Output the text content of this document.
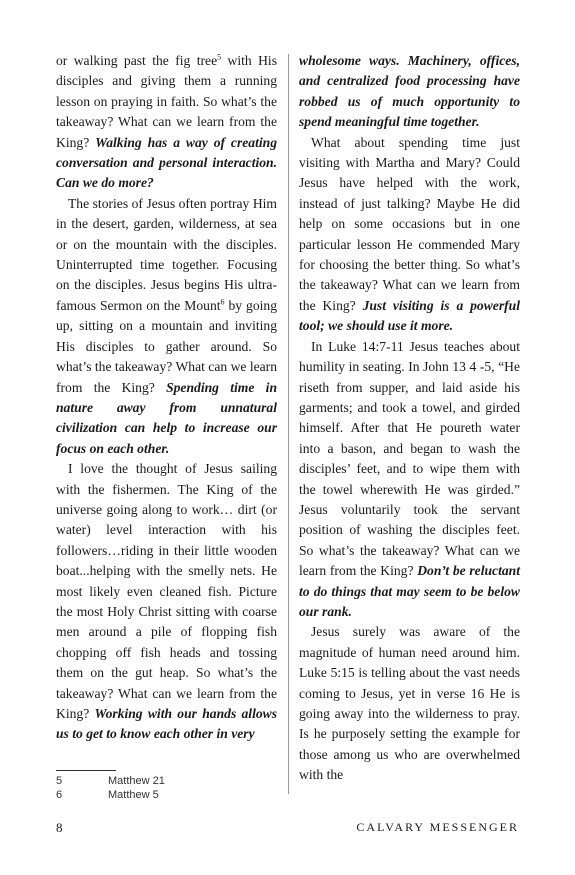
or walking past the fig tree$^5$ with His disciples and giving them a running lesson on praying in faith. So what’s the takeaway? What can we learn from the King? Walking has a way of creating conversation and personal interaction. Can we do more?

The stories of Jesus often portray Him in the desert, garden, wilderness, at sea or on the mountain with the disciples. Uninterrupted time together. Focusing on the disciples. Jesus begins His ultra-famous Sermon on the Mount$^6$ by going up, sitting on a mountain and inviting His disciples to gather around. So what’s the takeaway? What can we learn from the King? Spending time in nature away from unnatural civilization can help to increase our focus on each other.

I love the thought of Jesus sailing with the fishermen. The King of the universe going along to work… dirt (or water) level interaction with his followers…riding in their little wooden boat...helping with the smelly nets. He most likely even cleaned fish. Picture the most Holy Christ sitting with coarse men around a pile of flopping fish chopping off fish heads and tossing them on the gut heap. So what’s the takeaway? What can we learn from the King? Working with our hands allows us to get to know each other in very

wholesome ways. Machinery, offices, and centralized food processing have robbed us of much opportunity to spend meaningful time together.

What about spending time just visiting with Martha and Mary? Could Jesus have helped with the work, instead of just talking? Maybe He did help on some occasions but in one particular lesson He commended Mary for choosing the better thing. So what’s the takeaway? What can we learn from the King? Just visiting is a powerful tool; we should use it more.

In Luke 14:7-11 Jesus teaches about humility in seating. In John 13 4 -5, “He riseth from supper, and laid aside his garments; and took a towel, and girded himself. After that He poureth water into a bason, and began to wash the disciples’ feet, and to wipe them with the towel wherewith He was girded.” Jesus voluntarily took the servant position of washing the disciples feet. So what’s the takeaway? What can we learn from the King? Don’t be reluctant to do things that may seem to be below our rank.

Jesus surely was aware of the magnitude of human need around him. Luke 5:15 is telling about the vast needs coming to Jesus, yet in verse 16 He is going away into the wilderness to pray. Is he purposely setting the example for those among us who are overwhelmed with the

5	Matthew 21
6	Matthew 5
8	CALVARY MESSENGER
